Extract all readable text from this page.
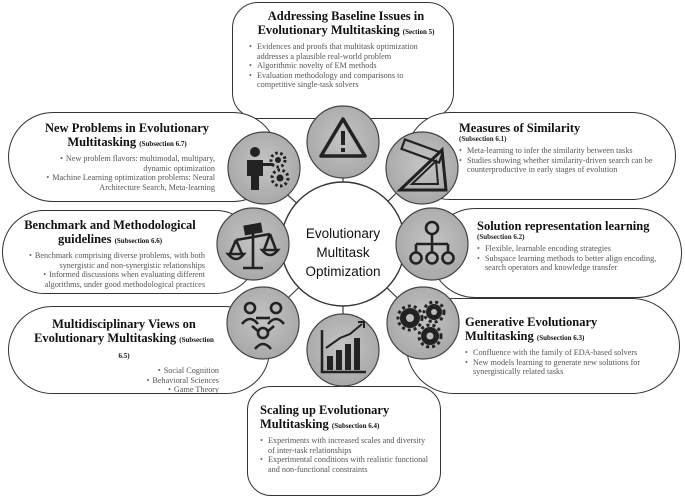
Addressing Baseline Issues in
Evolutionary Multitasking (Section 5)
• Evidences and proofs that multitask optimization addresses a plausible real-world problem
• Algorithmic novelty of EM methods
• Evaluation methodology and comparisons to competitive single-task solvers
New Problems in Evolutionary
Multitasking (Subsection 6.7)
• New problem flavors: multimodal, multipary, dynamic optimization
• Machine Learning optimization problems: Neural Architecture Search, Meta-learning
Measures of Similarity
(Subsection 6.1)
• Meta-learning to infer the similarity between tasks
• Studies showing whether similarity-driven search can be counterproductive in early stages of evolution
Benchmark and Methodological
guidelines (Subsection 6.6)
• Benchmark comprising diverse problems, with both synergistic and non-synergistic relationships
• Informed discussions when evaluating different algorithms, under good methodological practices
Solution representation learning
(Subsection 6.2)
• Flexible, learnable encoding strategies
• Subspace learning methods to better align encoding, search operators and knowledge transfer
Multidisciplinary Views on
Evolutionary Multitasking (Subsection 6.5)
• Social Cognition
• Behavioral Sciences
• Game Theory
Generative Evolutionary
Multitasking (Subsection 6.3)
• Confluence with the family of EDA-based solvers
• New models learning to generate new solutions for synergistically related tasks
Scaling up Evolutionary
Multitasking (Subsection 6.4)
• Experiments with increased scales and diversity of inter-task relationships
• Experimental conditions with realistic functional and non-functional constraints
Evolutionary
Multitask
Optimization
